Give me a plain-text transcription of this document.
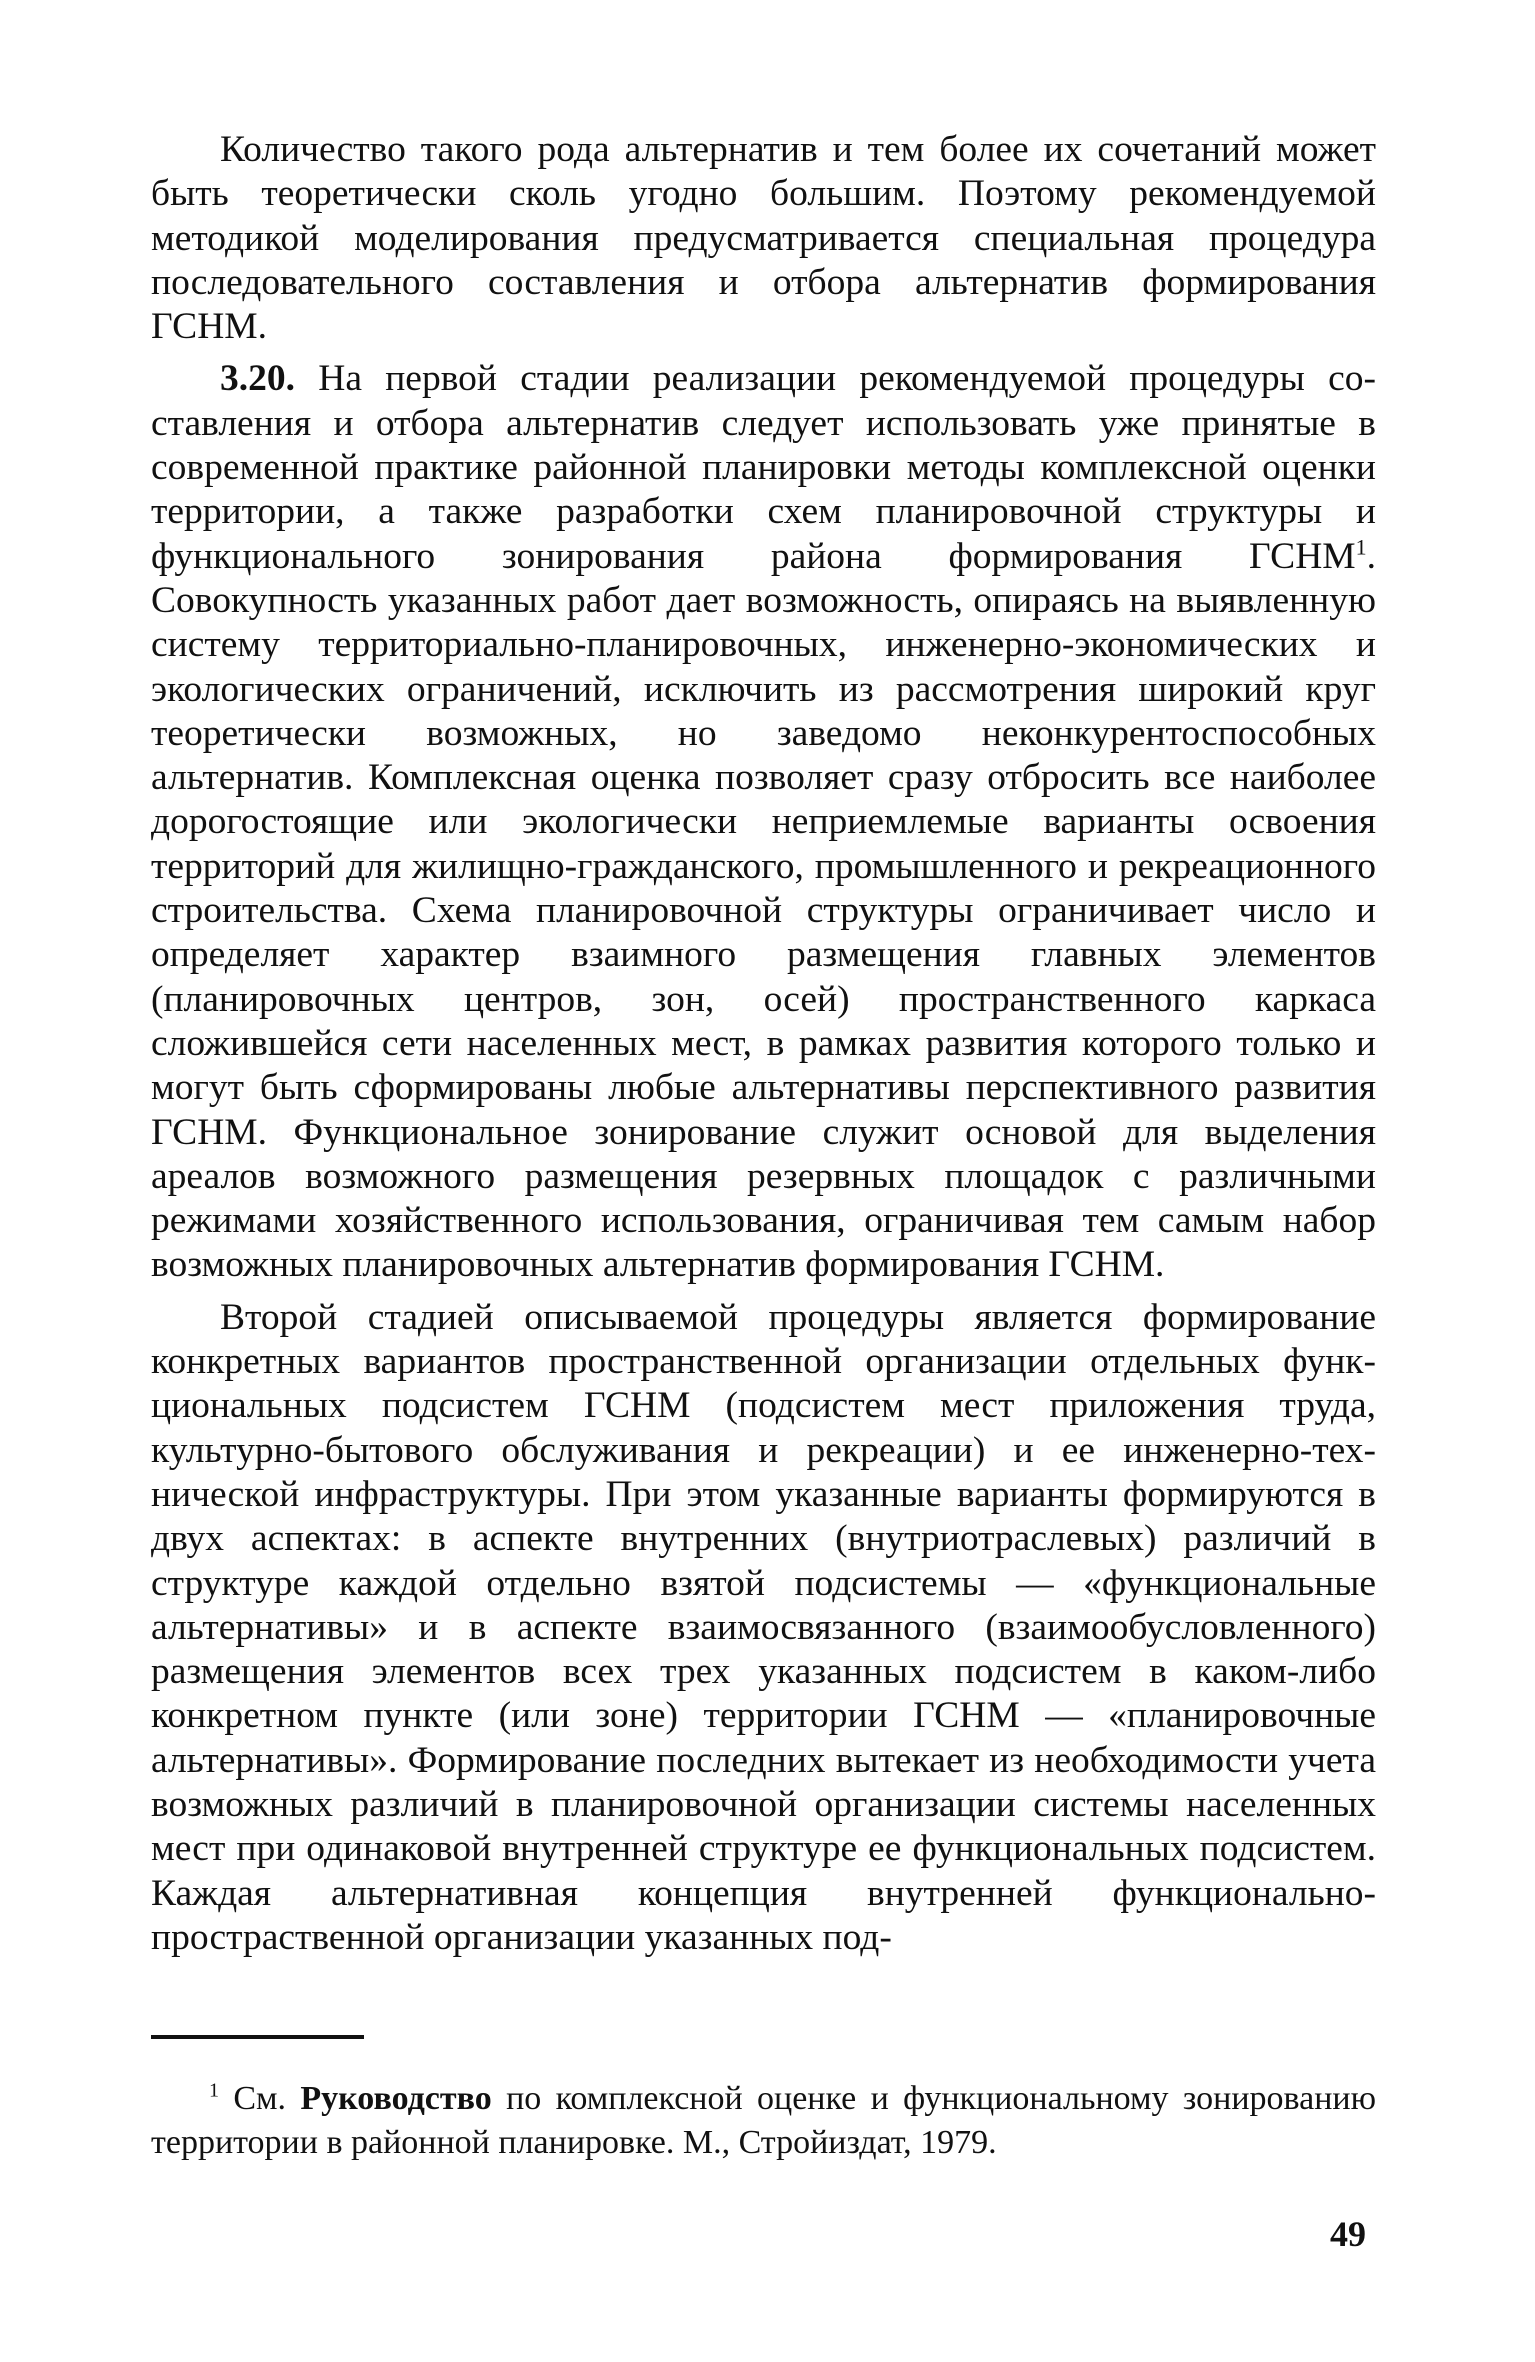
Количество такого рода альтернатив и тем более их сочетаний может быть теоретически сколь угодно большим. Поэтому рекомендуемой методикой моделирования предусматривается специальная процедура последовательного составления и отбора альтернатив формирования ГСНМ.

3.20. На первой стадии реализации рекомендуемой процедуры составления и отбора альтернатив следует использовать уже принятые в современной практике районной планировки методы комплексной оценки территории, а также разработки схем планировочной структуры и функционального зонирования района формирования ГСНМ$^1$. Совокупность указанных работ дает возможность, опираясь на выявленную систему территориально-планировочных, инженерно-экономических и экологических ограничений, исключить из рассмотрения широкий круг теоретически возможных, но заведомо неконкурентоспособных альтернатив. Комплексная оценка позволяет сразу отбросить все наиболее дорогостоящие или экологически неприемлемые варианты освоения территорий для жилищно-гражданского, промышленного и рекреационного строительства. Схема планировочной структуры ограничивает число и определяет характер взаимного размещения главных элементов (планировочных центров, зон, осей) пространственного каркаса сложившейся сети населенных мест, в рамках развития которого только и могут быть сформированы любые альтернативы перспективного развития ГСНМ. Функциональное зонирование служит основой для выделения ареалов возможного размещения резервных площадок с различными режимами хозяйственного использования, ограничивая тем самым набор возможных планировочных альтернатив формирования ГСНМ.

Второй стадией описываемой процедуры является формирование конкретных вариантов пространственной организации отдельных функциональных подсистем ГСНМ (подсистем мест приложения труда, культурно-бытового обслуживания и рекреации) и ее инженерно-технической инфраструктуры. При этом указанные варианты формируются в двух аспектах: в аспекте внутренних (внутриотраслевых) различий в структуре каждой отдельно взятой подсистемы — «функциональные альтернативы» и в аспекте взаимосвязанного (взаимообусловленного) размещения элементов всех трех указанных подсистем в каком-либо конкретном пункте (или зоне) территории ГСНМ — «планировочные альтернативы». Формирование последних вытекает из необходимости учета возможных различий в планировочной организации системы населенных мест при одинаковой внутренней структуре ее функциональных подсистем. Каждая альтернативная концепция внутренней функционально-простраственной организации указанных под-

$^1$ См. Руководство по комплексной оценке и функциональному зонированию территории в районной планировке. М., Стройиздат, 1979.

49
